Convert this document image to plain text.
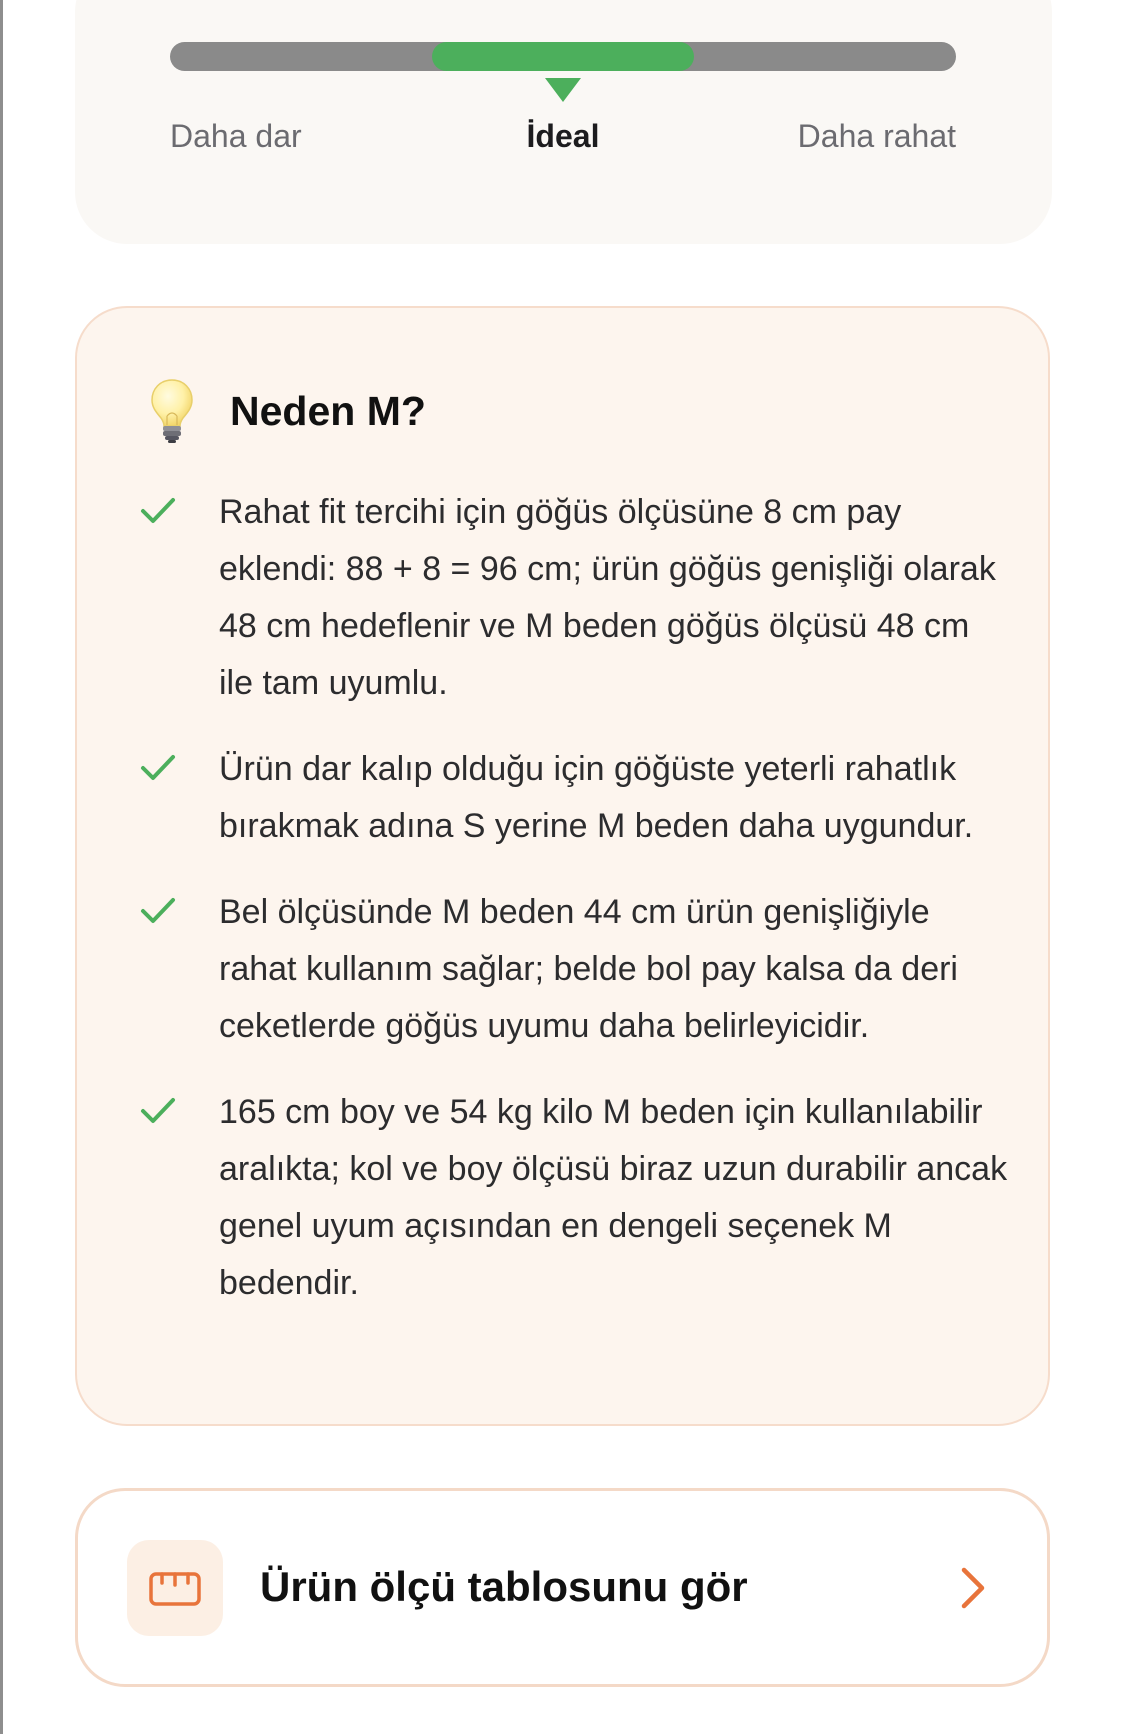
Daha dar	İdeal	Daha rahat
Neden M?
Rahat fit tercihi için göğüs ölçüsüne 8 cm pay eklendi: 88 + 8 = 96 cm; ürün göğüs genişliği olarak 48 cm hedeflenir ve M beden göğüs ölçüsü 48 cm ile tam uyumlu.
Ürün dar kalıp olduğu için göğüste yeterli rahatlık bırakmak adına S yerine M beden daha uygundur.
Bel ölçüsünde M beden 44 cm ürün genişliğiyle rahat kullanım sağlar; belde bol pay kalsa da deri ceketlerde göğüs uyumu daha belirleyicidir.
165 cm boy ve 54 kg kilo M beden için kullanılabilir aralıkta; kol ve boy ölçüsü biraz uzun durabilir ancak genel uyum açısından en dengeli seçenek M bedendir.
Ürün ölçü tablosunu gör
